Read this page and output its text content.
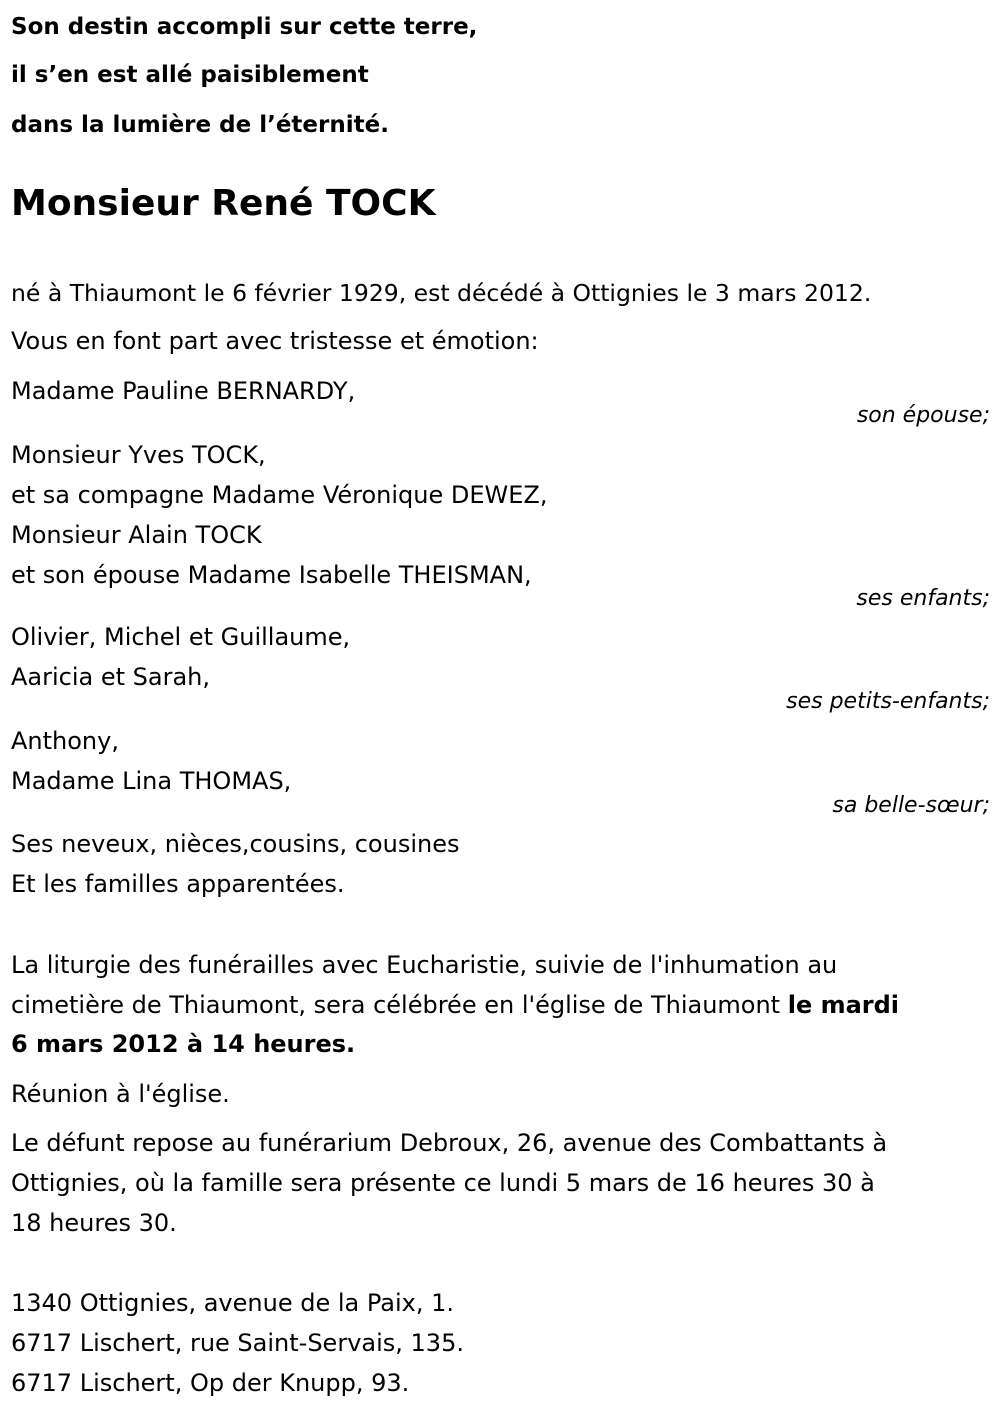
Son destin accompli sur cette terre,
il s’en est allé paisiblement
dans la lumière de l’éternité.
Monsieur René TOCK
né à Thiaumont le 6 février 1929, est décédé à Ottignies le 3 mars 2012.
Vous en font part avec tristesse et émotion:
Madame Pauline BERNARDY,
son épouse;
Monsieur Yves TOCK,
et sa compagne Madame Véronique DEWEZ,
Monsieur Alain TOCK
et son épouse Madame Isabelle THEISMAN,
ses enfants;
Olivier, Michel et Guillaume,
Aaricia et Sarah,
ses petits-enfants;
Anthony,
Madame Lina THOMAS,
sa belle-sœur;
Ses neveux, nièces,cousins, cousines
Et les familles apparentées.
La liturgie des funérailles avec Eucharistie, suivie de l'inhumation au
cimetière de Thiaumont, sera célébrée en l'église de Thiaumont le mardi
6 mars 2012 à 14 heures.
Réunion à l'église.
Le défunt repose au funérarium Debroux, 26, avenue des Combattants à
Ottignies, où la famille sera présente ce lundi 5 mars de 16 heures 30 à
18 heures 30.
1340 Ottignies, avenue de la Paix, 1.
6717 Lischert, rue Saint-Servais, 135.
6717 Lischert, Op der Knupp, 93.
